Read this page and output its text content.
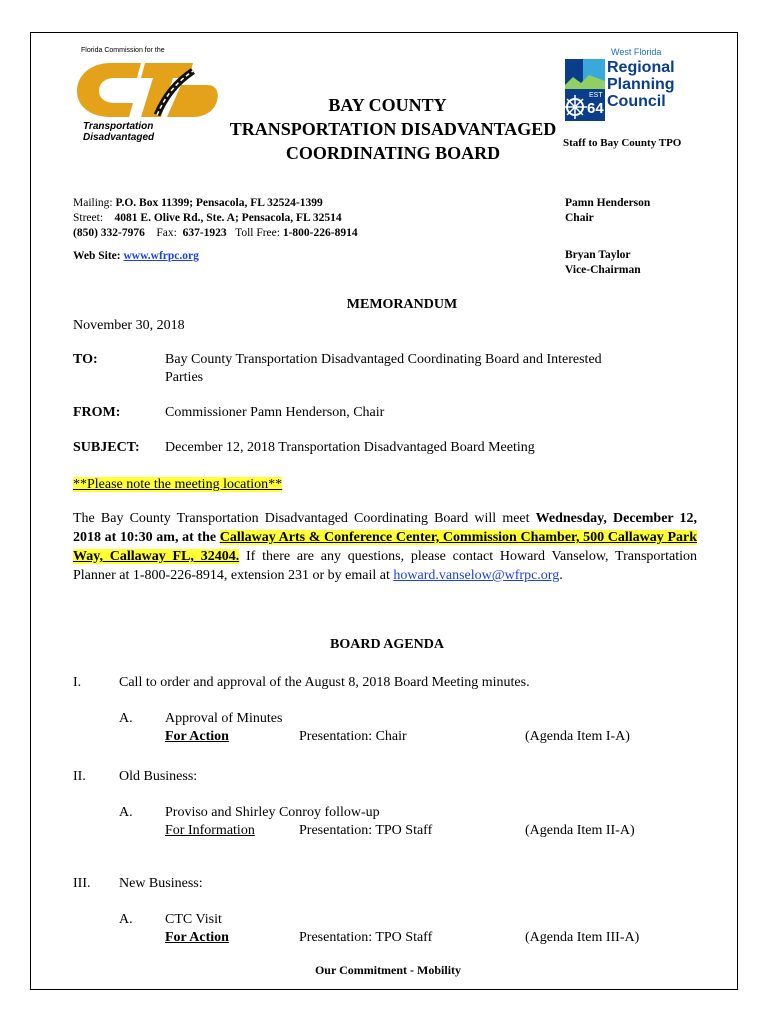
Florida Commission for the
Transportation
Disadvantaged
BAY COUNTY
TRANSPORTATION DISADVANTAGED
COORDINATING BOARD
West Florida
EST
64
Regional
Planning
Council
Staff to Bay County TPO
Mailing: P.O. Box 11399; Pensacola, FL 32524-1399
Street: 4081 E. Olive Rd., Ste. A; Pensacola, FL 32514
(850) 332-7976 Fax: 637-1923 Toll Free: 1-800-226-8914
Web Site: www.wfrpc.org
Pamn Henderson
Chair
Bryan Taylor
Vice-Chairman
MEMORANDUM
November 30, 2018
TO:	Bay County Transportation Disadvantaged Coordinating Board and Interested Parties
FROM:	Commissioner Pamn Henderson, Chair
SUBJECT: December 12, 2018 Transportation Disadvantaged Board Meeting
**Please note the meeting location**
The Bay County Transportation Disadvantaged Coordinating Board will meet Wednesday, December 12, 2018 at 10:30 am, at the Callaway Arts & Conference Center, Commission Chamber, 500 Callaway Park Way, Callaway FL, 32404. If there are any questions, please contact Howard Vanselow, Transportation Planner at 1-800-226-8914, extension 231 or by email at howard.vanselow@wfrpc.org.
BOARD AGENDA
I.	Call to order and approval of the August 8, 2018 Board Meeting minutes.
A. Approval of Minutes
For Action	Presentation: Chair	(Agenda Item I-A)
II. Old Business:
A. Proviso and Shirley Conroy follow-up
For Information	Presentation: TPO Staff	(Agenda Item II-A)
III. New Business:
A. CTC Visit
For Action	Presentation: TPO Staff	(Agenda Item III-A)
Our Commitment - Mobility
